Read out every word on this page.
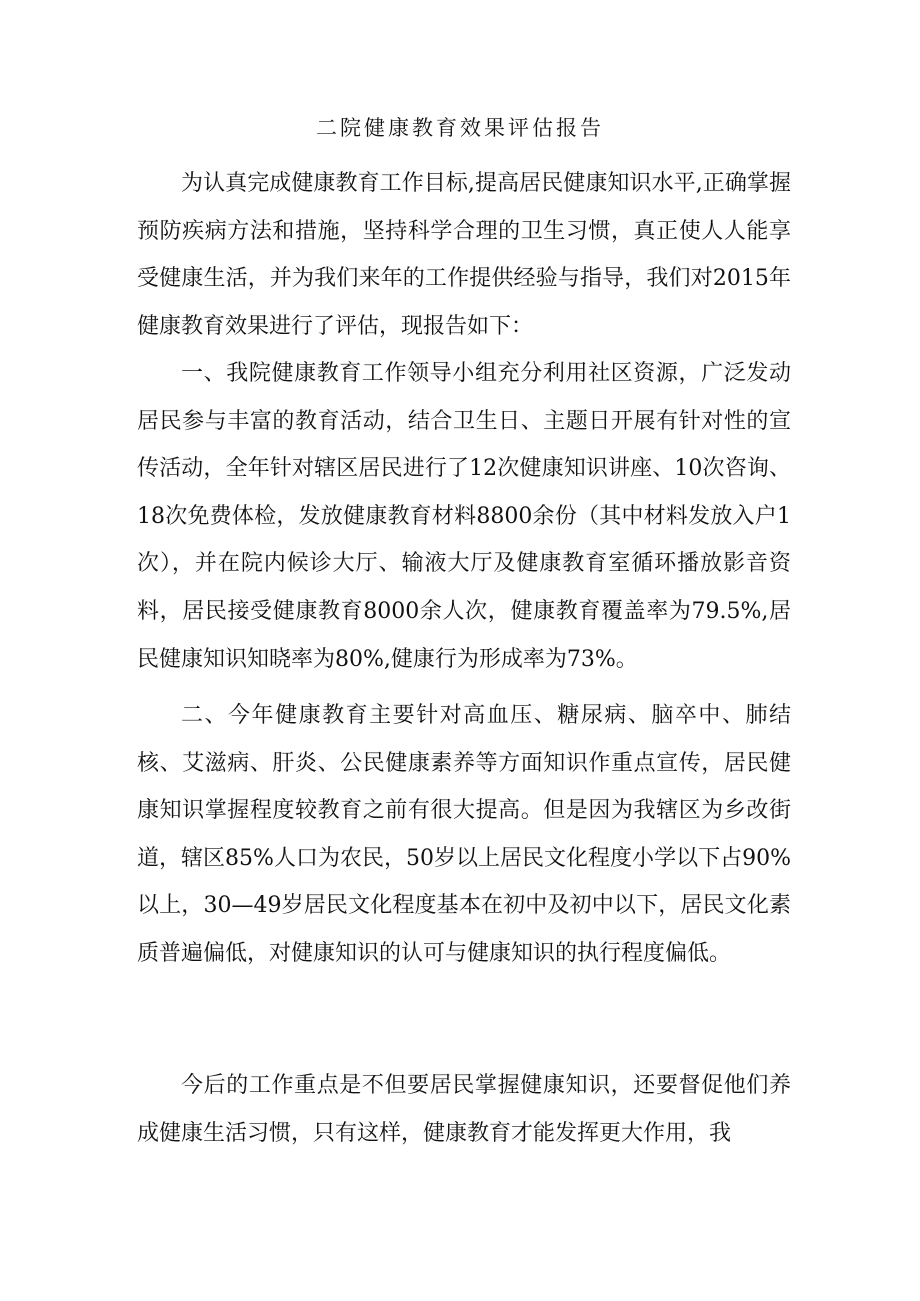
二院健康教育效果评估报告

为认真完成健康教育工作目标,提高居民健康知识水平,正确掌握预防疾病方法和措施，坚持科学合理的卫生习惯，真正使人人能享受健康生活，并为我们来年的工作提供经验与指导，我们对2015年健康教育效果进行了评估，现报告如下：

一、我院健康教育工作领导小组充分利用社区资源，广泛发动居民参与丰富的教育活动，结合卫生日、主题日开展有针对性的宣传活动，全年针对辖区居民进行了12次健康知识讲座、10次咨询、18次免费体检，发放健康教育材料8800余份（其中材料发放入户1次），并在院内候诊大厅、输液大厅及健康教育室循环播放影音资料，居民接受健康教育8000余人次，健康教育覆盖率为79.5%,居民健康知识知晓率为80%,健康行为形成率为73%。

二、今年健康教育主要针对高血压、糖尿病、脑卒中、肺结核、艾滋病、肝炎、公民健康素养等方面知识作重点宣传，居民健康知识掌握程度较教育之前有很大提高。但是因为我辖区为乡改街道，辖区85%人口为农民，50岁以上居民文化程度小学以下占90%以上，30—49岁居民文化程度基本在初中及初中以下，居民文化素质普遍偏低，对健康知识的认可与健康知识的执行程度偏低。

今后的工作重点是不但要居民掌握健康知识，还要督促他们养成健康生活习惯，只有这样，健康教育才能发挥更大作用，我
